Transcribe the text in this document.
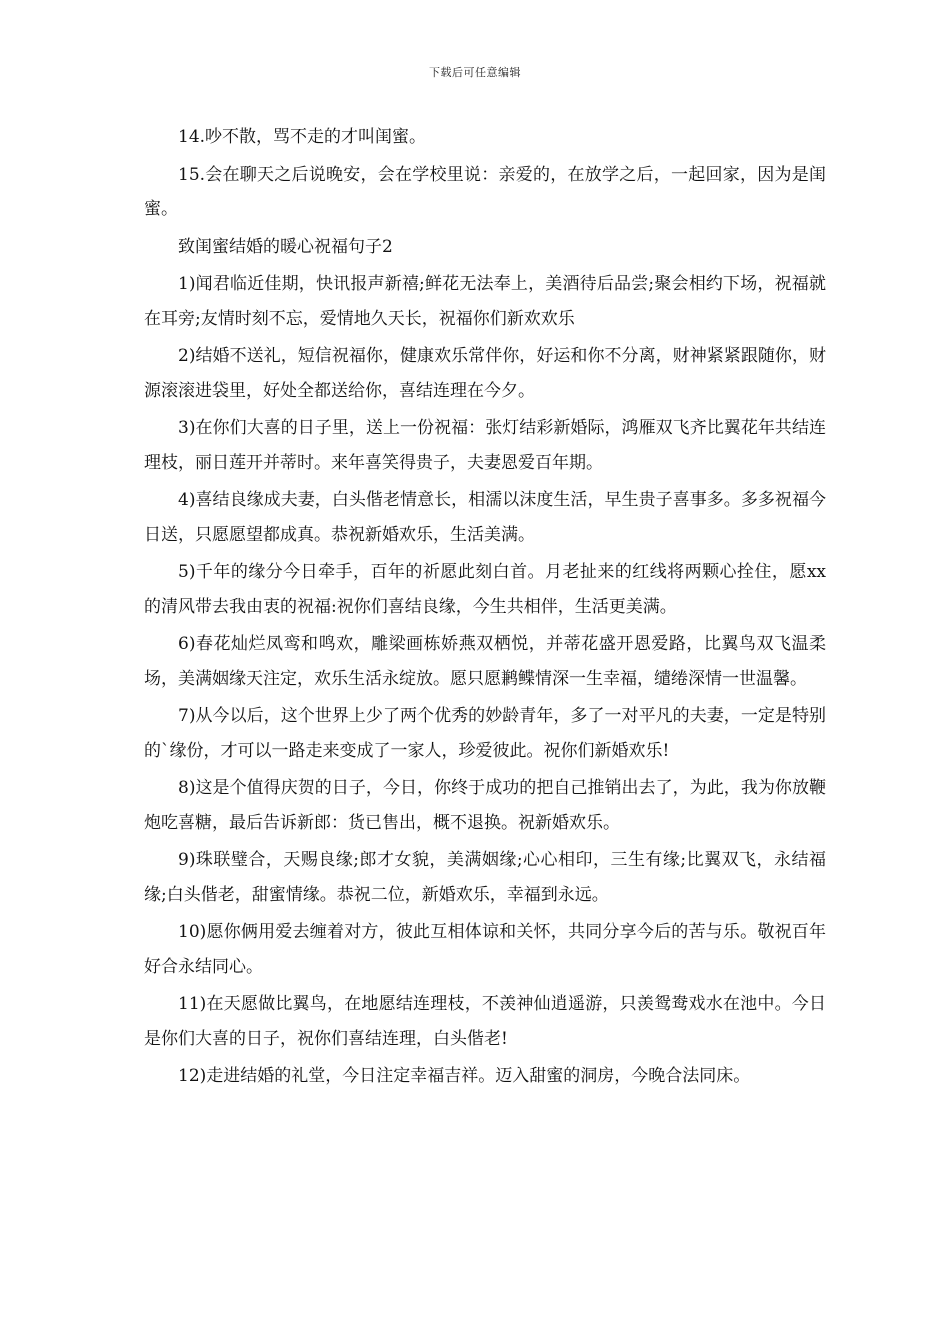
下载后可任意编辑

14.吵不散，骂不走的才叫闺蜜。

15.会在聊天之后说晚安，会在学校里说：亲爱的，在放学之后，一起回家，因为是闺蜜。

致闺蜜结婚的暖心祝福句子2

1)闻君临近佳期，快讯报声新禧;鲜花无法奉上，美酒待后品尝;聚会相约下场，祝福就在耳旁;友情时刻不忘，爱情地久天长，祝福你们新欢欢乐

2)结婚不送礼，短信祝福你，健康欢乐常伴你，好运和你不分离，财神紧紧跟随你，财源滚滚进袋里，好处全都送给你，喜结连理在今夕。

3)在你们大喜的日子里，送上一份祝福：张灯结彩新婚际，鸿雁双飞齐比翼花年共结连理枝，丽日莲开并蒂时。来年喜笑得贵子，夫妻恩爱百年期。

4)喜结良缘成夫妻，白头偕老情意长，相濡以沫度生活，早生贵子喜事多。多多祝福今日送，只愿愿望都成真。恭祝新婚欢乐，生活美满。

5)千年的缘分今日牵手，百年的祈愿此刻白首。月老扯来的红线将两颗心拴住，愿xx的清风带去我由衷的祝福:祝你们喜结良缘，今生共相伴，生活更美满。

6)春花灿烂凤鸾和鸣欢，雕梁画栋娇燕双栖悦，并蒂花盛开恩爱路，比翼鸟双飞温柔场，美满姻缘天注定，欢乐生活永绽放。愿只愿鹣鲽情深一生幸福，缱绻深情一世温馨。

7)从今以后，这个世界上少了两个优秀的妙龄青年，多了一对平凡的夫妻，一定是特别的`缘份，才可以一路走来变成了一家人，珍爱彼此。祝你们新婚欢乐!

8)这是个值得庆贺的日子，今日，你终于成功的把自己推销出去了，为此，我为你放鞭炮吃喜糖，最后告诉新郎：货已售出，概不退换。祝新婚欢乐。

9)珠联璧合，天赐良缘;郎才女貌，美满姻缘;心心相印，三生有缘;比翼双飞，永结福缘;白头偕老，甜蜜情缘。恭祝二位，新婚欢乐，幸福到永远。

10)愿你俩用爱去缠着对方，彼此互相体谅和关怀，共同分享今后的苦与乐。敬祝百年好合永结同心。

11)在天愿做比翼鸟，在地愿结连理枝，不羡神仙逍遥游，只羡鸳鸯戏水在池中。今日是你们大喜的日子，祝你们喜结连理，白头偕老!

12)走进结婚的礼堂，今日注定幸福吉祥。迈入甜蜜的洞房，今晚合法同床。
